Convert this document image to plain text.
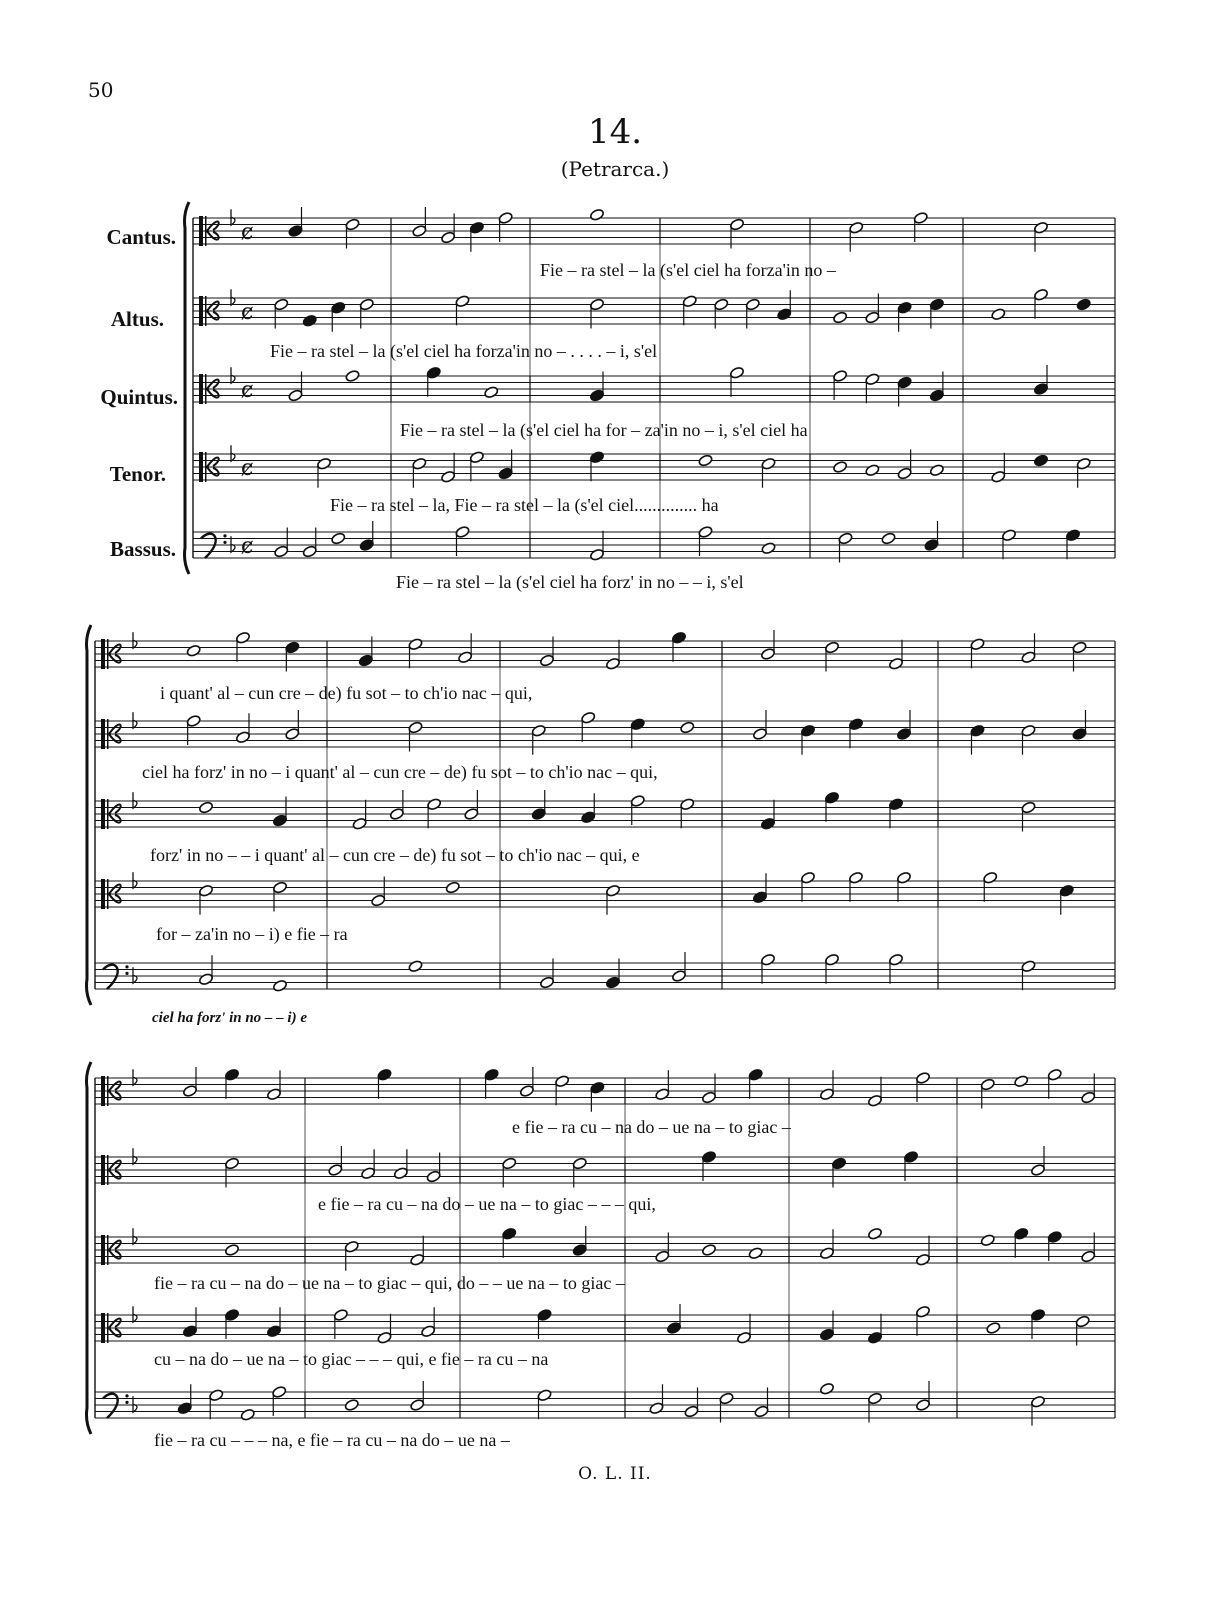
50
14.
(Petrarca.)
Cantus.
Altus.
Quintus.
Tenor.
Bassus.
Fie – ra stel – la (s'el ciel ha forza'in no –
Fie – ra stel – la (s'el ciel ha forza'in no – . . . . – i, s'el
Fie – ra stel – la (s'el ciel ha for – za'in no – i, s'el ciel ha
Fie – ra stel – la, Fie – ra stel – la (s'el ciel.............. ha
Fie – ra stel – la (s'el ciel ha forz' in no – – i, s'el
i quant' al – cun cre – de) fu sot – to ch'io nac – qui,
ciel ha forz' in no – i quant' al – cun cre – de) fu sot – to ch'io nac – qui,
forz' in no – – i quant' al – cun cre – de) fu sot – to ch'io nac – qui, e
for – za'in no – i) e fie – ra
ciel ha forz' in no – – i) e
e fie – ra cu – na do – ue na – to giac –
e fie – ra cu – na do – ue na – to giac – – – qui,
fie – ra cu – na do – ue na – to giac – qui, do – – ue na – to giac –
cu – na do – ue na – to giac – – – qui, e fie – ra cu – na
fie – ra cu – – – na, e fie – ra cu – na do – ue na –
O. L. II.
ȼ
ȼ
ȼ
ȼ
ȼ
